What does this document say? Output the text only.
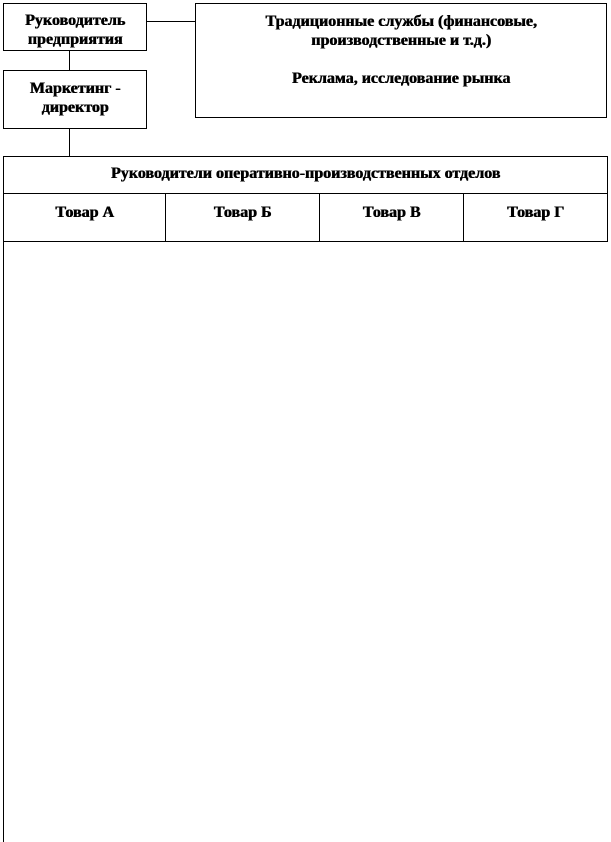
Руководитель
предприятия
Маркетинг -
директор
Традиционные службы (финансовые,
производственные и т.д.)
Реклама, исследование рынка
Руководители оперативно-производственных отделов
Товар А	Товар Б	Товар В	Товар Г
